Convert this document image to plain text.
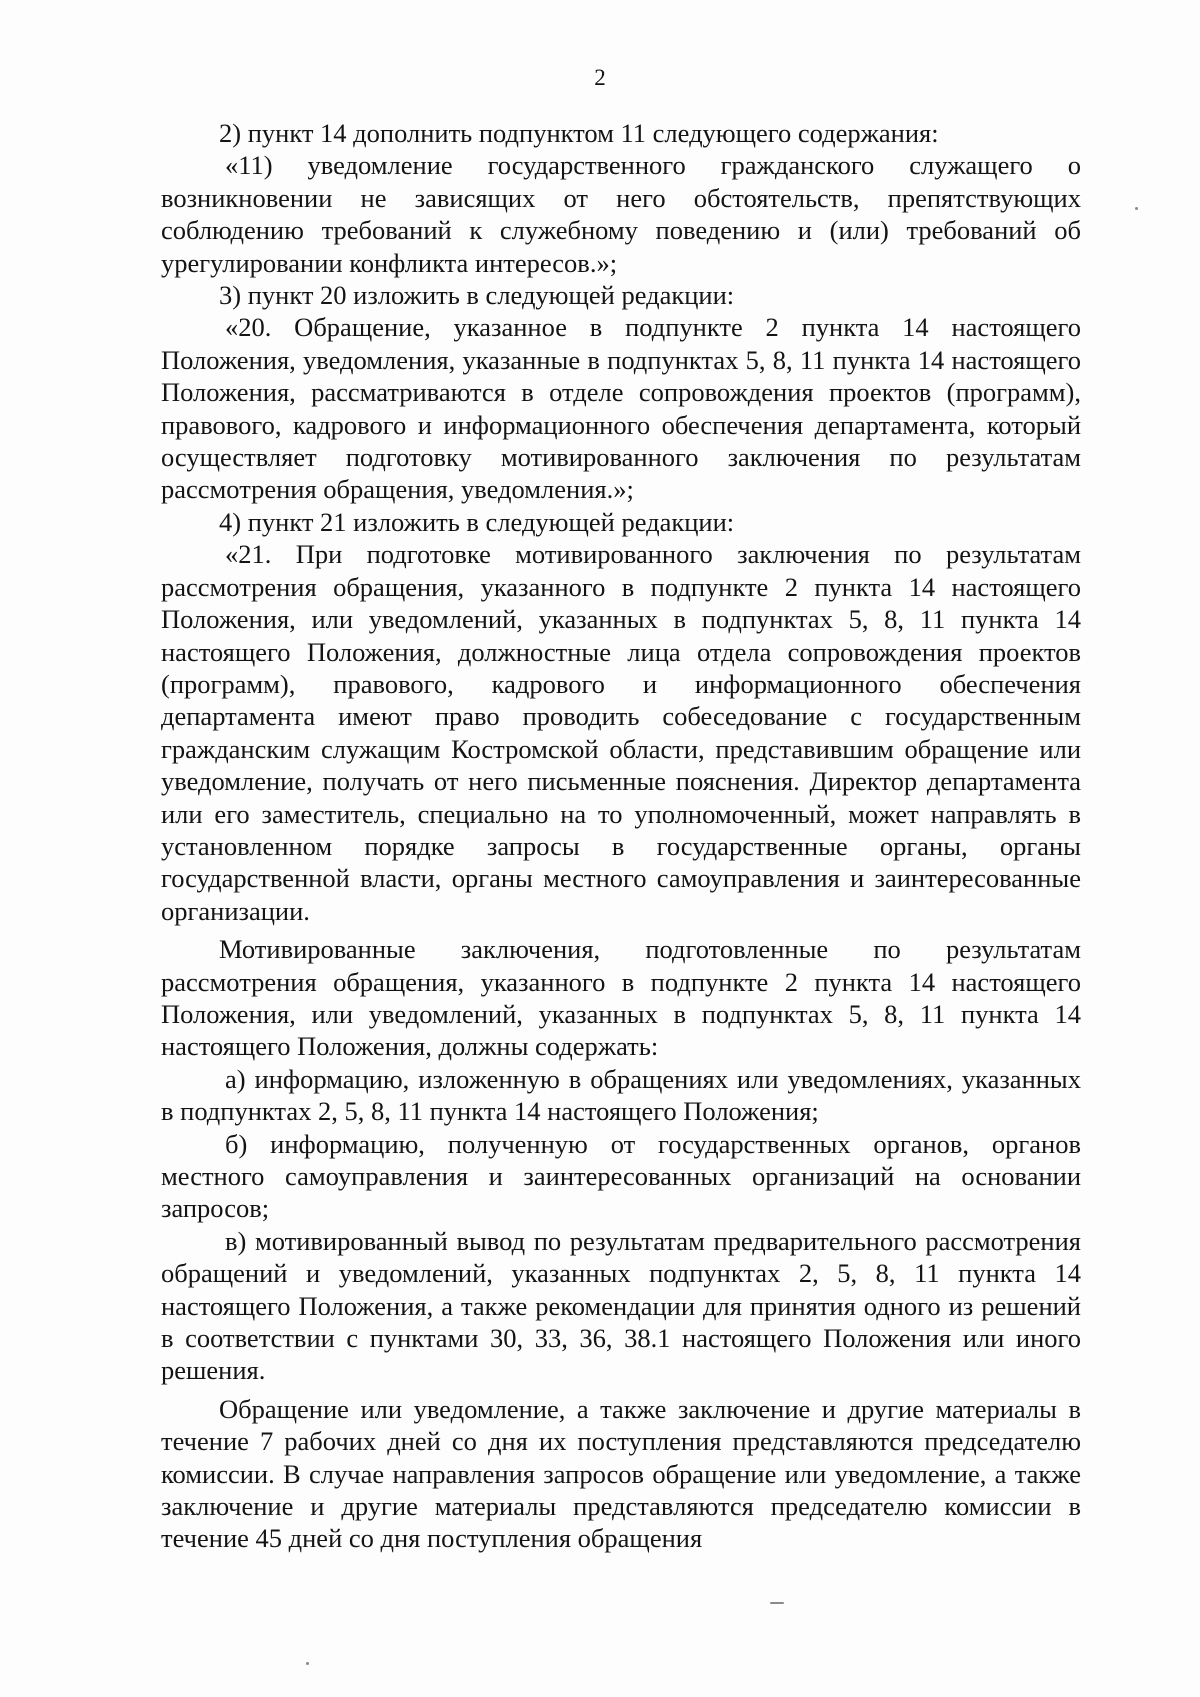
2

2) пункт 14 дополнить подпунктом 11 следующего содержания:

«11) уведомление государственного гражданского служащего о возникновении не зависящих от него обстоятельств, препятствующих соблюдению требований к служебному поведению и (или) требований об урегулировании конфликта интересов.»;

3) пункт 20 изложить в следующей редакции:

«20. Обращение, указанное в подпункте 2 пункта 14 настоящего Положения, уведомления, указанные в подпунктах 5, 8, 11 пункта 14 настоящего Положения, рассматриваются в отделе сопровождения проектов (программ), правового, кадрового и информационного обеспечения департамента, который осуществляет подготовку мотивированного заключения по результатам рассмотрения обращения, уведомления.»;

4) пункт 21 изложить в следующей редакции:

«21. При подготовке мотивированного заключения по результатам рассмотрения обращения, указанного в подпункте 2 пункта 14 настоящего Положения, или уведомлений, указанных в подпунктах 5, 8, 11 пункта 14 настоящего Положения, должностные лица отдела сопровождения проектов (программ), правового, кадрового и информационного обеспечения департамента имеют право проводить собеседование с государственным гражданским служащим Костромской области, представившим обращение или уведомление, получать от него письменные пояснения. Директор департамента или его заместитель, специально на то уполномоченный, может направлять в установленном порядке запросы в государственные органы, органы государственной власти, органы местного самоуправления и заинтересованные организации.

Мотивированные заключения, подготовленные по результатам рассмотрения обращения, указанного в подпункте 2 пункта 14 настоящего Положения, или уведомлений, указанных в подпунктах 5, 8, 11 пункта 14 настоящего Положения, должны содержать:

а) информацию, изложенную в обращениях или уведомлениях, указанных в подпунктах 2, 5, 8, 11 пункта 14 настоящего Положения;

б) информацию, полученную от государственных органов, органов местного самоуправления и заинтересованных организаций на основании запросов;

в) мотивированный вывод по результатам предварительного рассмотрения обращений и уведомлений, указанных подпунктах 2, 5, 8, 11 пункта 14 настоящего Положения, а также рекомендации для принятия одного из решений в соответствии с пунктами 30, 33, 36, 38.1 настоящего Положения или иного решения.

Обращение или уведомление, а также заключение и другие материалы в течение 7 рабочих дней со дня их поступления представляются председателю комиссии. В случае направления запросов обращение или уведомление, а также заключение и другие материалы представляются председателю комиссии в течение 45 дней со дня поступления обращения
